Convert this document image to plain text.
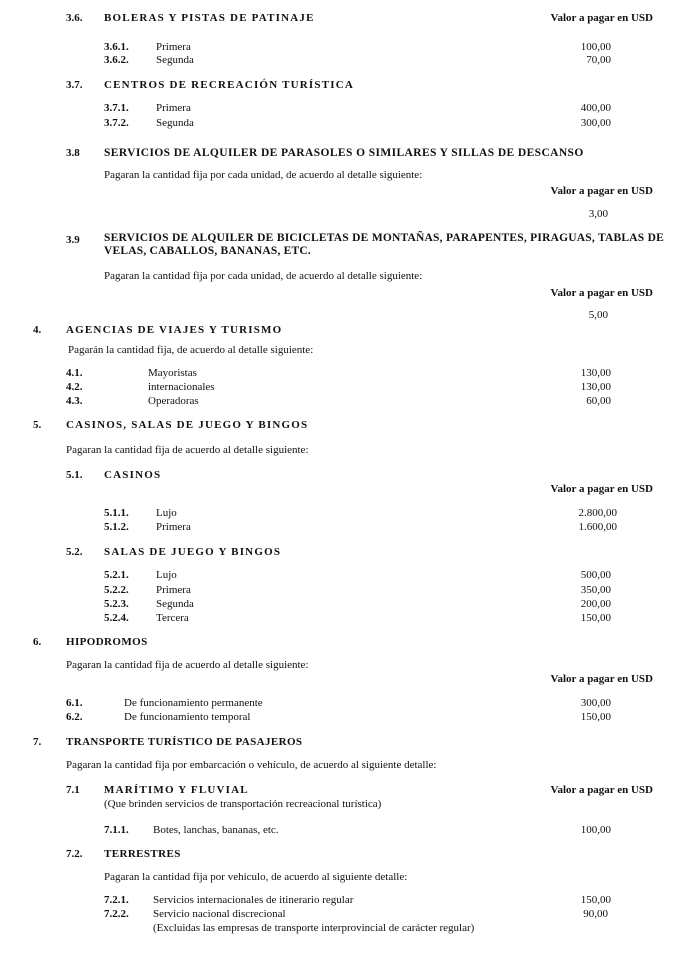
3.6. BOLERAS Y PISTAS DE PATINAJE	Valor a pagar en USD
3.6.1. Primera	100,00
3.6.2. Segunda	70,00
3.7. CENTROS DE RECREACIÓN TURÍSTICA
3.7.1. Primera	400,00
3.7.2. Segunda	300,00
3.8 SERVICIOS DE ALQUILER DE PARASOLES O SIMILARES Y SILLAS DE DESCANSO
Pagaran la cantidad fija por cada unidad, de acuerdo al detalle siguiente:
Valor a pagar en USD
3,00
3.9 SERVICIOS DE ALQUILER DE BICICLETAS DE MONTAÑAS, PARAPENTES, PIRAGUAS, TABLAS DE VELAS, CABALLOS, BANANAS, ETC.
Pagaran la cantidad fija por cada unidad, de acuerdo al detalle siguiente:
Valor a pagar en USD
5,00
4. AGENCIAS DE VIAJES Y TURISMO
Pagarán la cantidad fija, de acuerdo al detalle siguiente:
4.1.	Mayoristas	130,00
4.2.	internacionales	130,00
4.3.	Operadoras	60,00
5. CASINOS, SALAS DE JUEGO Y BINGOS
Pagaran la cantidad fija de acuerdo al detalle siguiente:
5.1. CASINOS
Valor a pagar en USD
5.1.1. Lujo	2.800,00
5.1.2. Primera	1.600,00
5.2. SALAS DE JUEGO Y BINGOS
5.2.1. Lujo	500,00
5.2.2. Primera	350,00
5.2.3. Segunda	200,00
5.2.4. Tercera	150,00
6. HIPODROMOS
Pagaran la cantidad fija de acuerdo al detalle siguiente:
Valor a pagar en USD
6.1.	De funcionamiento permanente	300,00
6.2.	De funcionamiento temporal	150,00
7. TRANSPORTE TURÍSTICO DE PASAJEROS
Pagaran la cantidad fija por embarcación o vehículo, de acuerdo al siguiente detalle:
7.1 MARÍTIMO Y FLUVIAL	Valor a pagar en USD
(Que brinden servicios de transportación recreacional turística)
7.1.1. Botes, lanchas, bananas, etc.	100,00
7.2. TERRESTRES
Pagaran la cantidad fija por vehículo, de acuerdo al siguiente detalle:
7.2.1. Servicios internacionales de itinerario regular	150,00
7.2.2. Servicio nacional discrecional	90,00
(Excluidas las empresas de transporte interprovincial de carácter regular)
